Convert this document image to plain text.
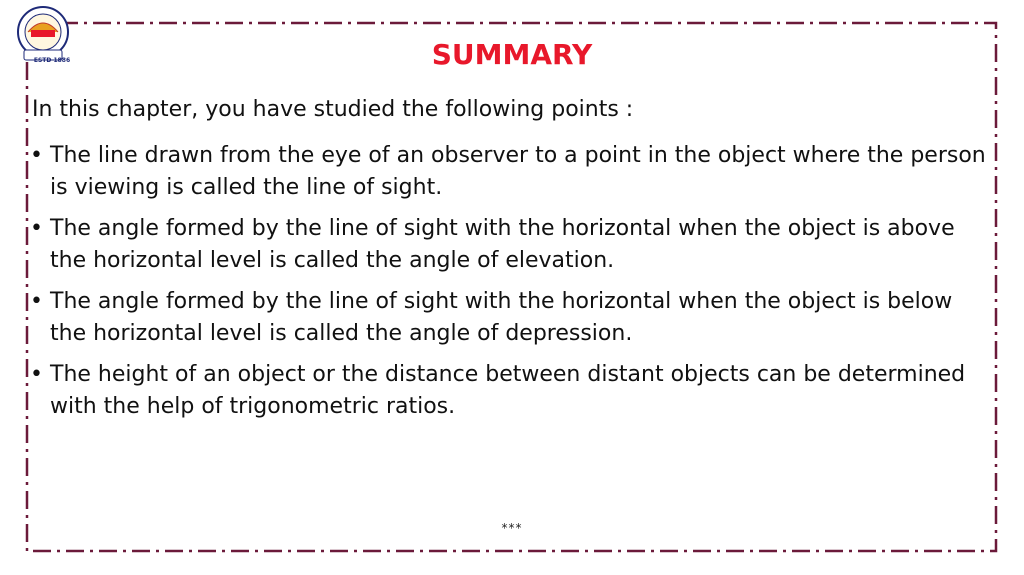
ESTD 1886	SUMMARY
In this chapter, you have studied the following points :
• The line drawn from the eye of an observer to a point in the object where the person is viewing is called the line of sight.
• The angle formed by the line of sight with the horizontal when the object is above the horizontal level is called the angle of elevation.
• The angle formed by the line of sight with the horizontal when the object is below the horizontal level is called the angle of depression.
• The height of an object or the distance between distant objects can be determined with the help of trigonometric ratios.
***
